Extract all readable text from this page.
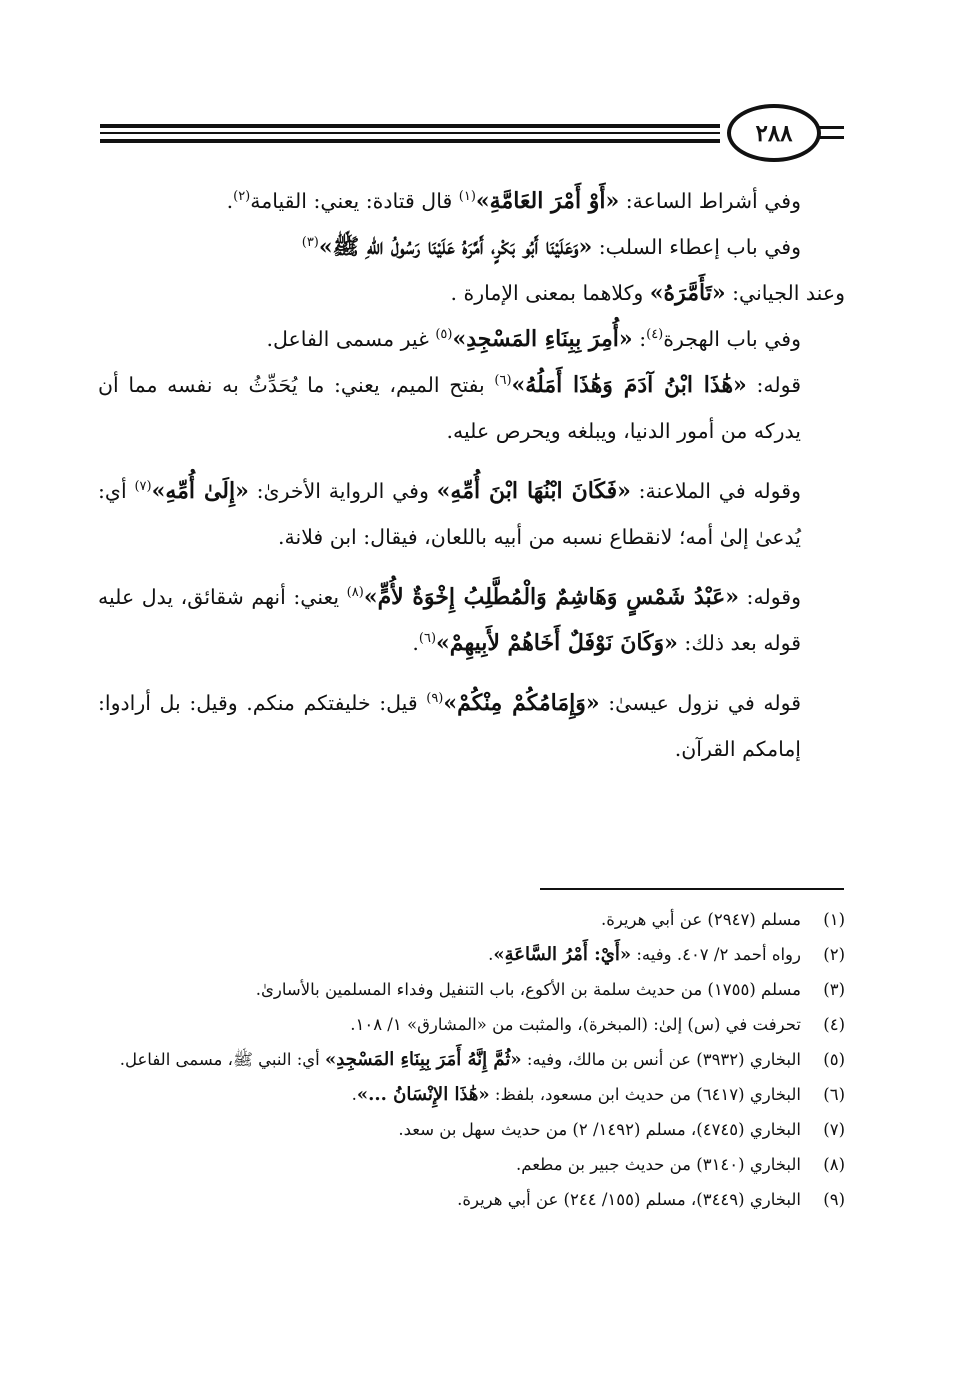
٢٨٨

وفي أشراط الساعة: «أَوْ أَمْرَ العَامَّةِ»$^{(١)}$ قال قتادة: يعني: القيامة$^{(٢)}$.

وفي باب إعطاء السلب: «وَعَلَيْنَا أَبُو بَكْرٍ، أَمَّرَهُ عَلَيْنَا رَسُولُ اللهِ ﷺ»$^{(٣)}$

وعند الجياني: «تَأَمَّرَهُ» وكلاهما بمعنى الإمارة .

وفي باب الهجرة$^{(٤)}$: «أُمِرَ بِبِنَاءِ المَسْجِدِ»$^{(٥)}$ غير مسمى الفاعل.

قوله: «هَٰذَا ابْنُ آدَمَ وَهَٰذَا أَمَلُهُ»$^{(٦)}$ بفتح الميم، يعني: ما يُحَدِّثُ به نفسه مما أن يدركه من أمور الدنيا، ويبلغه ويحرص عليه.

وقوله في الملاعنة: «فَكَانَ ابْنُهَا ابْنَ أُمِّهِ» وفي الرواية الأخرىٰ: «إِلَىٰ أُمِّهِ»$^{(٧)}$ أي: يُدعىٰ إلىٰ أمه؛ لانقطاع نسبه من أبيه باللعان، فيقال: ابن فلانة.

وقوله: «عَبْدُ شَمْسٍ وَهَاشِمٌ وَالْمُطَّلِبُ إِخْوَةٌ لأُمٍّ»$^{(٨)}$ يعني: أنهم شقائق، يدل عليه قوله بعد ذلك: «وَكَانَ نَوْفَلٌ أَخَاهُمْ لأَبِيهِمْ»$^{(٦)}$.

قوله في نزول عيسىٰ: «وَإِمَامُكُمْ مِنْكُمْ»$^{(٩)}$ قيل: خليفتكم منكم. وقيل: بل أرادوا: إمامكم القرآن.

(١)
مسلم (٢٩٤٧) عن أبي هريرة.
(٢)
رواه أحمد ٢/ ٤٠٧. وفيه: «أَيْ: أَمْرُ السَّاعَةِ».
(٣)
مسلم (١٧٥٥) من حديث سلمة بن الأكوع، باب التنفيل وفداء المسلمين بالأسارىٰ.
(٤)
تحرفت في (س) إلىٰ: (المبخرة)، والمثبت من «المشارق» ١/ ١٠٨.
(٥)
البخاري (٣٩٣٢) عن أنس بن مالك، وفيه: «ثُمَّ إِنَّهُ أَمَرَ بِبِنَاءِ المَسْجِدِ» أي: النبي ﷺ، مسمى الفاعل.
(٦)
البخاري (٦٤١٧) من حديث ابن مسعود، بلفظ: «هَٰذَا الإِنْسَانُ ...».
(٧)
البخاري (٤٧٤٥)، مسلم (١٤٩٢/ ٢) من حديث سهل بن سعد.
(٨)
البخاري (٣١٤٠) من حديث جبير بن مطعم.
(٩)
البخاري (٣٤٤٩)، مسلم (١٥٥/ ٢٤٤) عن أبي هريرة.
